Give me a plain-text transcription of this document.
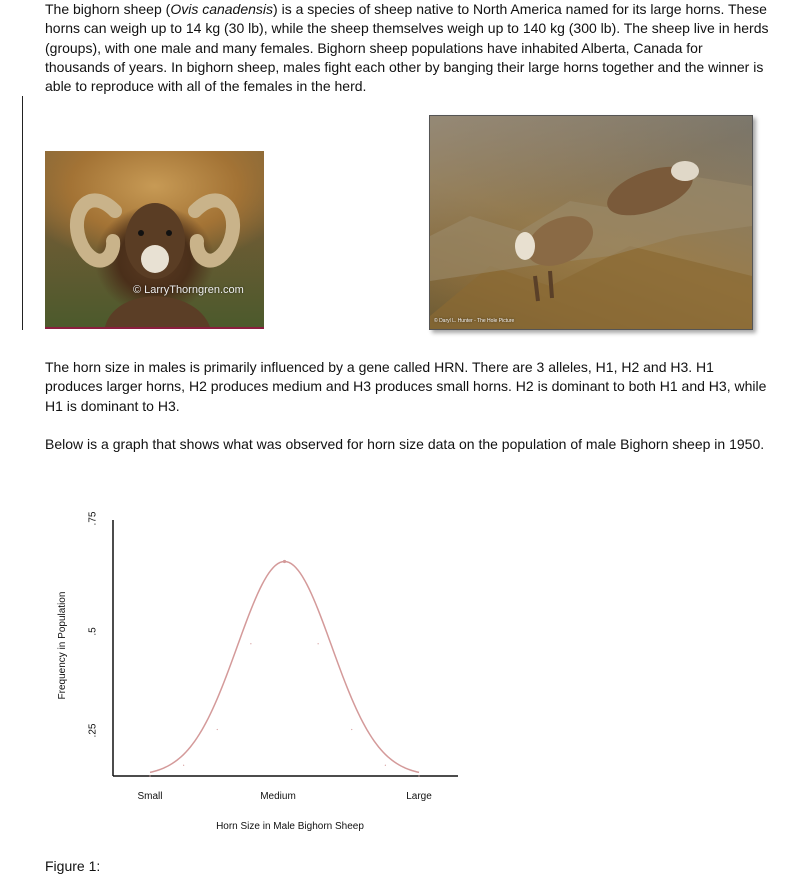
The bighorn sheep (Ovis canadensis) is a species of sheep native to North America named for its large horns. These horns can weigh up to 14 kg (30 lb), while the sheep themselves weigh up to 140 kg (300 lb). The sheep live in herds (groups), with one male and many females. Bighorn sheep populations have inhabited Alberta, Canada for thousands of years. In bighorn sheep, males fight each other by banging their large horns together and the winner is able to reproduce with all of the females in the herd.

© LarryThorngren.com
© Daryl L. Hunter - The Hole Picture

The horn size in males is primarily influenced by a gene called HRN. There are 3 alleles, H1, H2 and H3. H1 produces larger horns, H2 produces medium and H3 produces small horns. H2 is dominant to both H1 and H3, while H1 is dominant to H3.

Below is a graph that shows what was observed for horn size data on the population of male Bighorn sheep in 1950.

Frequency in Population
.25
.5
.75
Small	Medium	Large
Horn Size in Male Bighorn Sheep
Figure 1:
